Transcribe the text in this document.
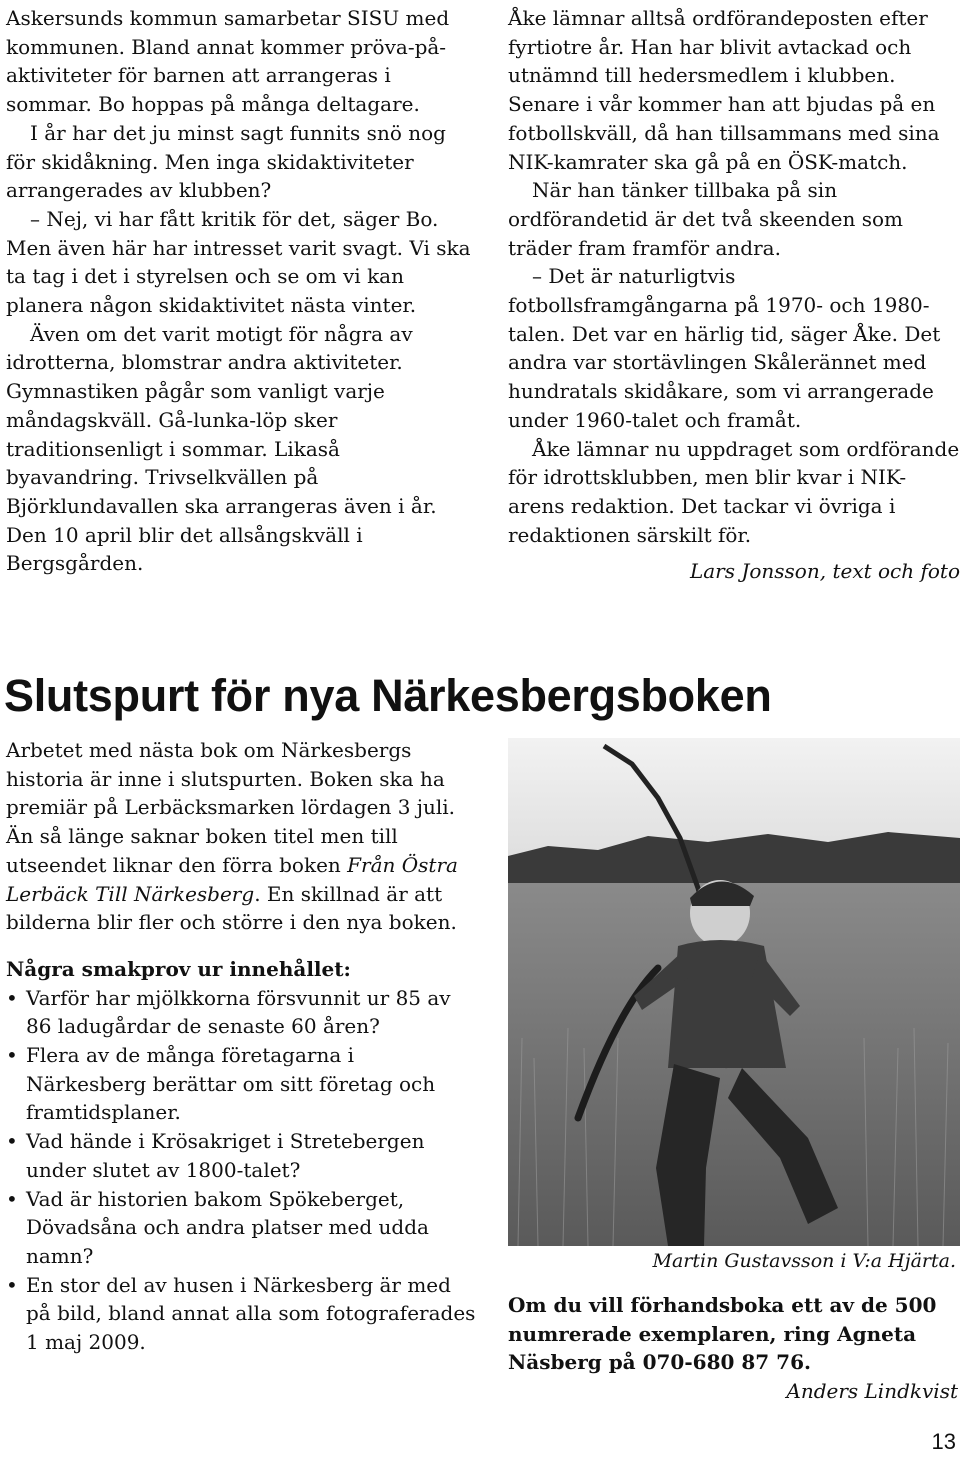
Askersunds kommun samarbetar SISU med kommunen. Bland annat kommer pröva-på-aktiviteter för barnen att arrangeras i sommar. Bo hoppas på många deltagare.

I år har det ju minst sagt funnits snö nog för skidåkning. Men inga skidaktiviteter arrangerades av klubben?

– Nej, vi har fått kritik för det, säger Bo. Men även här har intresset varit svagt. Vi ska ta tag i det i styrelsen och se om vi kan planera någon skidaktivitet nästa vinter.

Även om det varit motigt för några av idrotterna, blomstrar andra aktiviteter. Gymnastiken pågår som vanligt varje måndagskväll. Gå-lunka-löp sker traditionsenligt i sommar. Likaså byavandring. Trivselkvällen på Björklundavallen ska arrangeras även i år. Den 10 april blir det allsångskväll i Bergsgården.

Åke lämnar alltså ordförandeposten efter fyrtiotre år. Han har blivit avtackad och utnämnd till hedersmedlem i klubben. Senare i vår kommer han att bjudas på en fotbollskväll, då han tillsammans med sina NIK-kamrater ska gå på en ÖSK-match.

När han tänker tillbaka på sin ordförandetid är det två skeenden som träder fram framför andra.

– Det är naturligtvis fotbollsframgångarna på 1970- och 1980-talen. Det var en härlig tid, säger Åke. Det andra var stortävlingen Skålerännet med hundratals skidåkare, som vi arrangerade under 1960-talet och framåt.

Åke lämnar nu uppdraget som ordförande för idrottsklubben, men blir kvar i NIK-arens redaktion. Det tackar vi övriga i redaktionen särskilt för.

Lars Jonsson, text och foto

Slutspurt för nya Närkesbergsboken

Arbetet med nästa bok om Närkesbergs historia är inne i slutspurten. Boken ska ha premiär på Lerbäcksmarken lördagen 3 juli. Än så länge saknar boken titel men till utseendet liknar den förra boken Från Östra Lerbäck Till Närkesberg. En skillnad är att bilderna blir fler och större i den nya boken.

Några smakprov ur innehållet:

• Varför har mjölkkorna försvunnit ur 85 av 86 ladugårdar de senaste 60 åren?
• Flera av de många företagarna i Närkesberg berättar om sitt företag och framtidsplaner.
• Vad hände i Krösakriget i Stretebergen under slutet av 1800-talet?
• Vad är historien bakom Spökeberget, Dövadsåna och andra platser med udda namn?
• En stor del av husen i Närkesberg är med på bild, bland annat alla som fotograferades 1 maj 2009.
Martin Gustavsson i V:a Hjärta.

Om du vill förhandsboka ett av de 500 numrerade exemplaren, ring Agneta Näsberg på 070-680 87 76.

Anders Lindkvist
13
